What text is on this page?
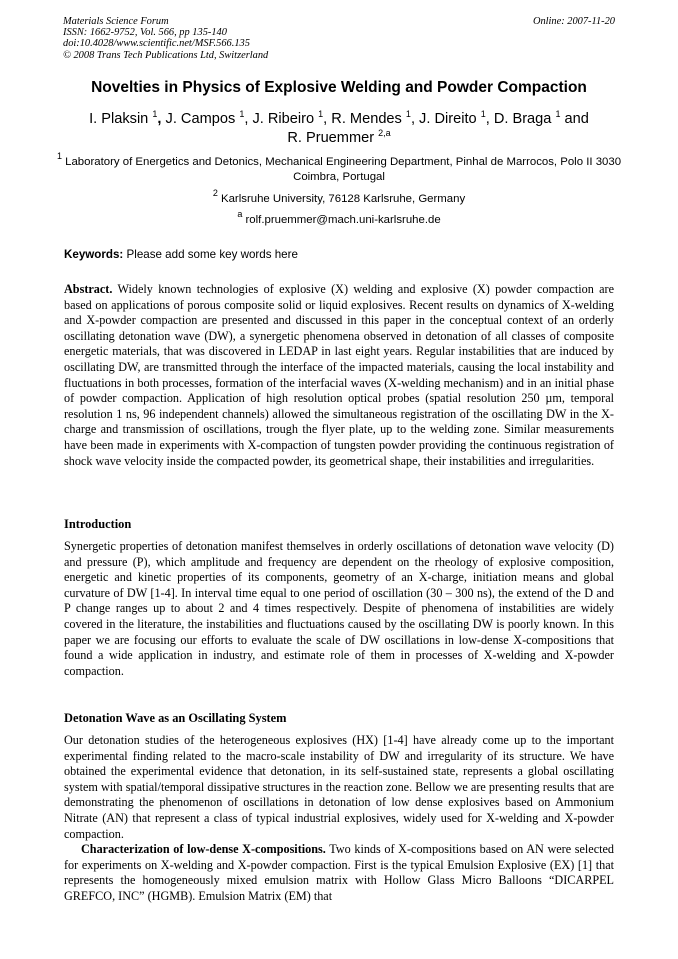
Materials Science Forum
ISSN: 1662-9752, Vol. 566, pp 135-140
doi:10.4028/www.scientific.net/MSF.566.135
© 2008 Trans Tech Publications Ltd, Switzerland
Online: 2007-11-20
Novelties in Physics of Explosive Welding and Powder Compaction
I. Plaksin $^1$, J. Campos $^1$, J. Ribeiro $^1$, R. Mendes $^1$, J. Direito $^1$, D. Braga $^1$ and
R. Pruemmer $^{2,a}$
$^1$ Laboratory of Energetics and Detonics, Mechanical Engineering Department, Pinhal de Marrocos, Polo II 3030 Coimbra, Portugal
$^2$ Karlsruhe University, 76128 Karlsruhe, Germany
$^a$ rolf.pruemmer@mach.uni-karlsruhe.de
Keywords: Please add some key words here

Abstract. Widely known technologies of explosive (X) welding and explosive (X) powder compaction are based on applications of porous composite solid or liquid explosives. Recent results on dynamics of X-welding and X-powder compaction are presented and discussed in this paper in the conceptual context of an orderly oscillating detonation wave (DW), a synergetic phenomena observed in detonation of all classes of composite energetic materials, that was discovered in LEDAP in last eight years. Regular instabilities that are induced by oscillating DW, are transmitted through the interface of the impacted materials, causing the local instability and fluctuations in both processes, formation of the interfacial waves (X-welding mechanism) and in an initial phase of powder compaction. Application of high resolution optical probes (spatial resolution 250 µm, temporal resolution 1 ns, 96 independent channels) allowed the simultaneous registration of the oscillating DW in the X-charge and transmission of oscillations, trough the flyer plate, up to the welding zone. Similar measurements have been made in experiments with X-compaction of tungsten powder providing the continuous registration of shock wave velocity inside the compacted powder, its geometrical shape, their instabilities and irregularities.

Introduction

Synergetic properties of detonation manifest themselves in orderly oscillations of detonation wave velocity (D) and pressure (P), which amplitude and frequency are dependent on the rheology of explosive composition, energetic and kinetic properties of its components, geometry of an X-charge, initiation means and global curvature of DW [1-4]. In interval time equal to one period of oscillation (30 – 300 ns), the extend of the D and P change ranges up to about 2 and 4 times respectively. Despite of phenomena of instabilities are widely covered in the literature, the instabilities and fluctuations caused by the oscillating DW is poorly known. In this paper we are focusing our efforts to evaluate the scale of DW oscillations in low-dense X-compositions that found a wide application in industry, and estimate role of them in processes of X-welding and X-powder compaction.

Detonation Wave as an Oscillating System

Our detonation studies of the heterogeneous explosives (HX) [1-4] have already come up to the important experimental finding related to the macro-scale instability of DW and irregularity of its structure. We have obtained the experimental evidence that detonation, in its self-sustained state, represents a global oscillating system with spatial/temporal dissipative structures in the reaction zone. Bellow we are presenting results that are demonstrating the phenomenon of oscillations in detonation of low dense explosives based on Ammonium Nitrate (AN) that represent a class of typical industrial explosives, widely used for X-welding and X-powder compaction.

Characterization of low-dense X-compositions. Two kinds of X-compositions based on AN were selected for experiments on X-welding and X-powder compaction. First is the typical Emulsion Explosive (EX) [1] that represents the homogeneously mixed emulsion matrix with Hollow Glass Micro Balloons “DICARPEL GREFCO, INC” (HGMB). Emulsion Matrix (EM) that
